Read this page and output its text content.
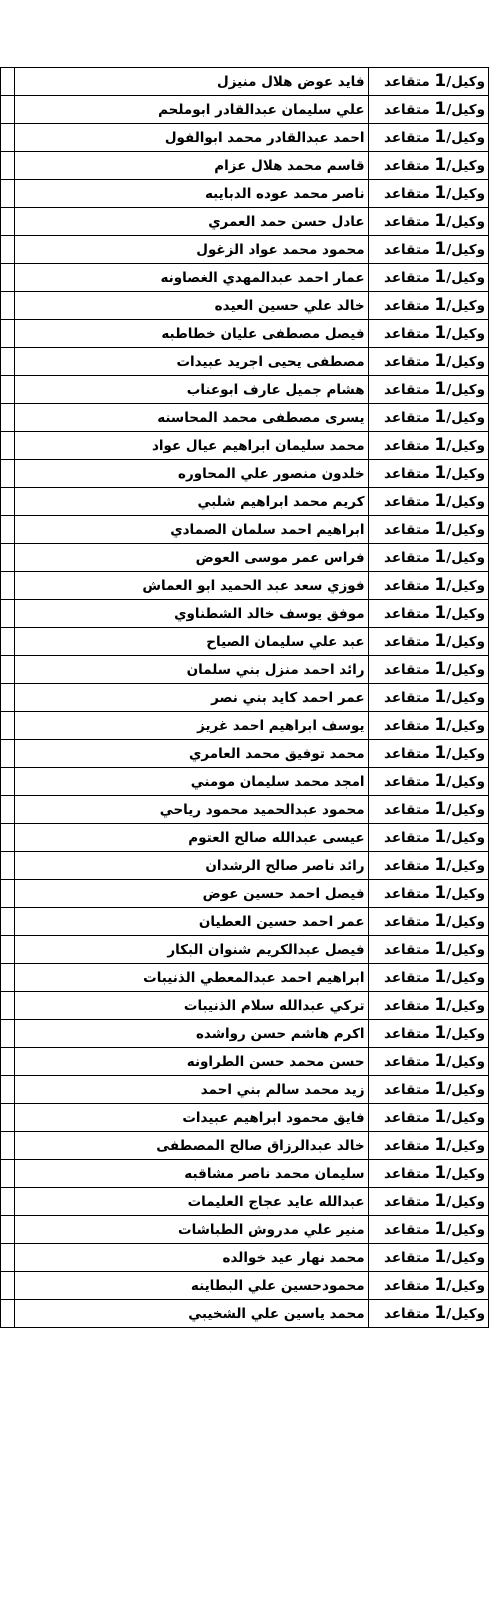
وكيل/1 متقاعد	فايد عوض هلال منيزل	
وكيل/1 متقاعد	علي سليمان عبدالقادر ابوملحم	
وكيل/1 متقاعد	احمد عبدالقادر محمد ابوالفول	
وكيل/1 متقاعد	قاسم محمد هلال عزام	
وكيل/1 متقاعد	ناصر محمد عوده الدبايبه	
وكيل/1 متقاعد	عادل حسن حمد العمري	
وكيل/1 متقاعد	محمود محمد عواد الزغول	
وكيل/1 متقاعد	عمار احمد عبدالمهدي الغصاونه	
وكيل/1 متقاعد	خالد علي حسين العيده	
وكيل/1 متقاعد	فيصل مصطفى عليان خطاطبه	
وكيل/1 متقاعد	مصطفى يحيى اجريد عبيدات	
وكيل/1 متقاعد	هشام جميل عارف ابوعناب	
وكيل/1 متقاعد	يسرى مصطفى محمد المحاسنه	
وكيل/1 متقاعد	محمد سليمان ابراهيم عيال عواد	
وكيل/1 متقاعد	خلدون منصور علي المحاوره	
وكيل/1 متقاعد	كريم محمد ابراهيم شلبي	
وكيل/1 متقاعد	ابراهيم احمد سلمان الصمادي	
وكيل/1 متقاعد	فراس عمر موسى العوض	
وكيل/1 متقاعد	فوزي سعد عبد الحميد ابو العماش	
وكيل/1 متقاعد	موفق يوسف خالد الشطناوي	
وكيل/1 متقاعد	عبد علي سليمان الصياح	
وكيل/1 متقاعد	رائد احمد منزل بني سلمان	
وكيل/1 متقاعد	عمر احمد كايد بني نصر	
وكيل/1 متقاعد	يوسف ابراهيم احمد غريز	
وكيل/1 متقاعد	محمد توفيق محمد العامري	
وكيل/1 متقاعد	امجد محمد سليمان مومني	
وكيل/1 متقاعد	محمود عبدالحميد محمود رياحي	
وكيل/1 متقاعد	عيسى عبدالله صالح العتوم	
وكيل/1 متقاعد	رائد ناصر صالح الرشدان	
وكيل/1 متقاعد	فيصل احمد حسين عوض	
وكيل/1 متقاعد	عمر احمد حسين العطيان	
وكيل/1 متقاعد	فيصل عبدالكريم شنوان البكار	
وكيل/1 متقاعد	ابراهيم احمد عبدالمعطي الذنيبات	
وكيل/1 متقاعد	تركي عبدالله سلام الذنيبات	
وكيل/1 متقاعد	اكرم هاشم حسن رواشده	
وكيل/1 متقاعد	حسن محمد حسن الطراونه	
وكيل/1 متقاعد	زيد محمد سالم بني احمد	
وكيل/1 متقاعد	فايق محمود ابراهيم عبيدات	
وكيل/1 متقاعد	خالد عبدالرزاق صالح المصطفى	
وكيل/1 متقاعد	سليمان محمد ناصر مشاقبه	
وكيل/1 متقاعد	عبدالله عايد عجاج العليمات	
وكيل/1 متقاعد	منير علي مدروش الطباشات	
وكيل/1 متقاعد	محمد نهار عيد خوالده	
وكيل/1 متقاعد	محمودحسين علي البطاينه	
وكيل/1 متقاعد	محمد ياسين علي الشخيبي	
